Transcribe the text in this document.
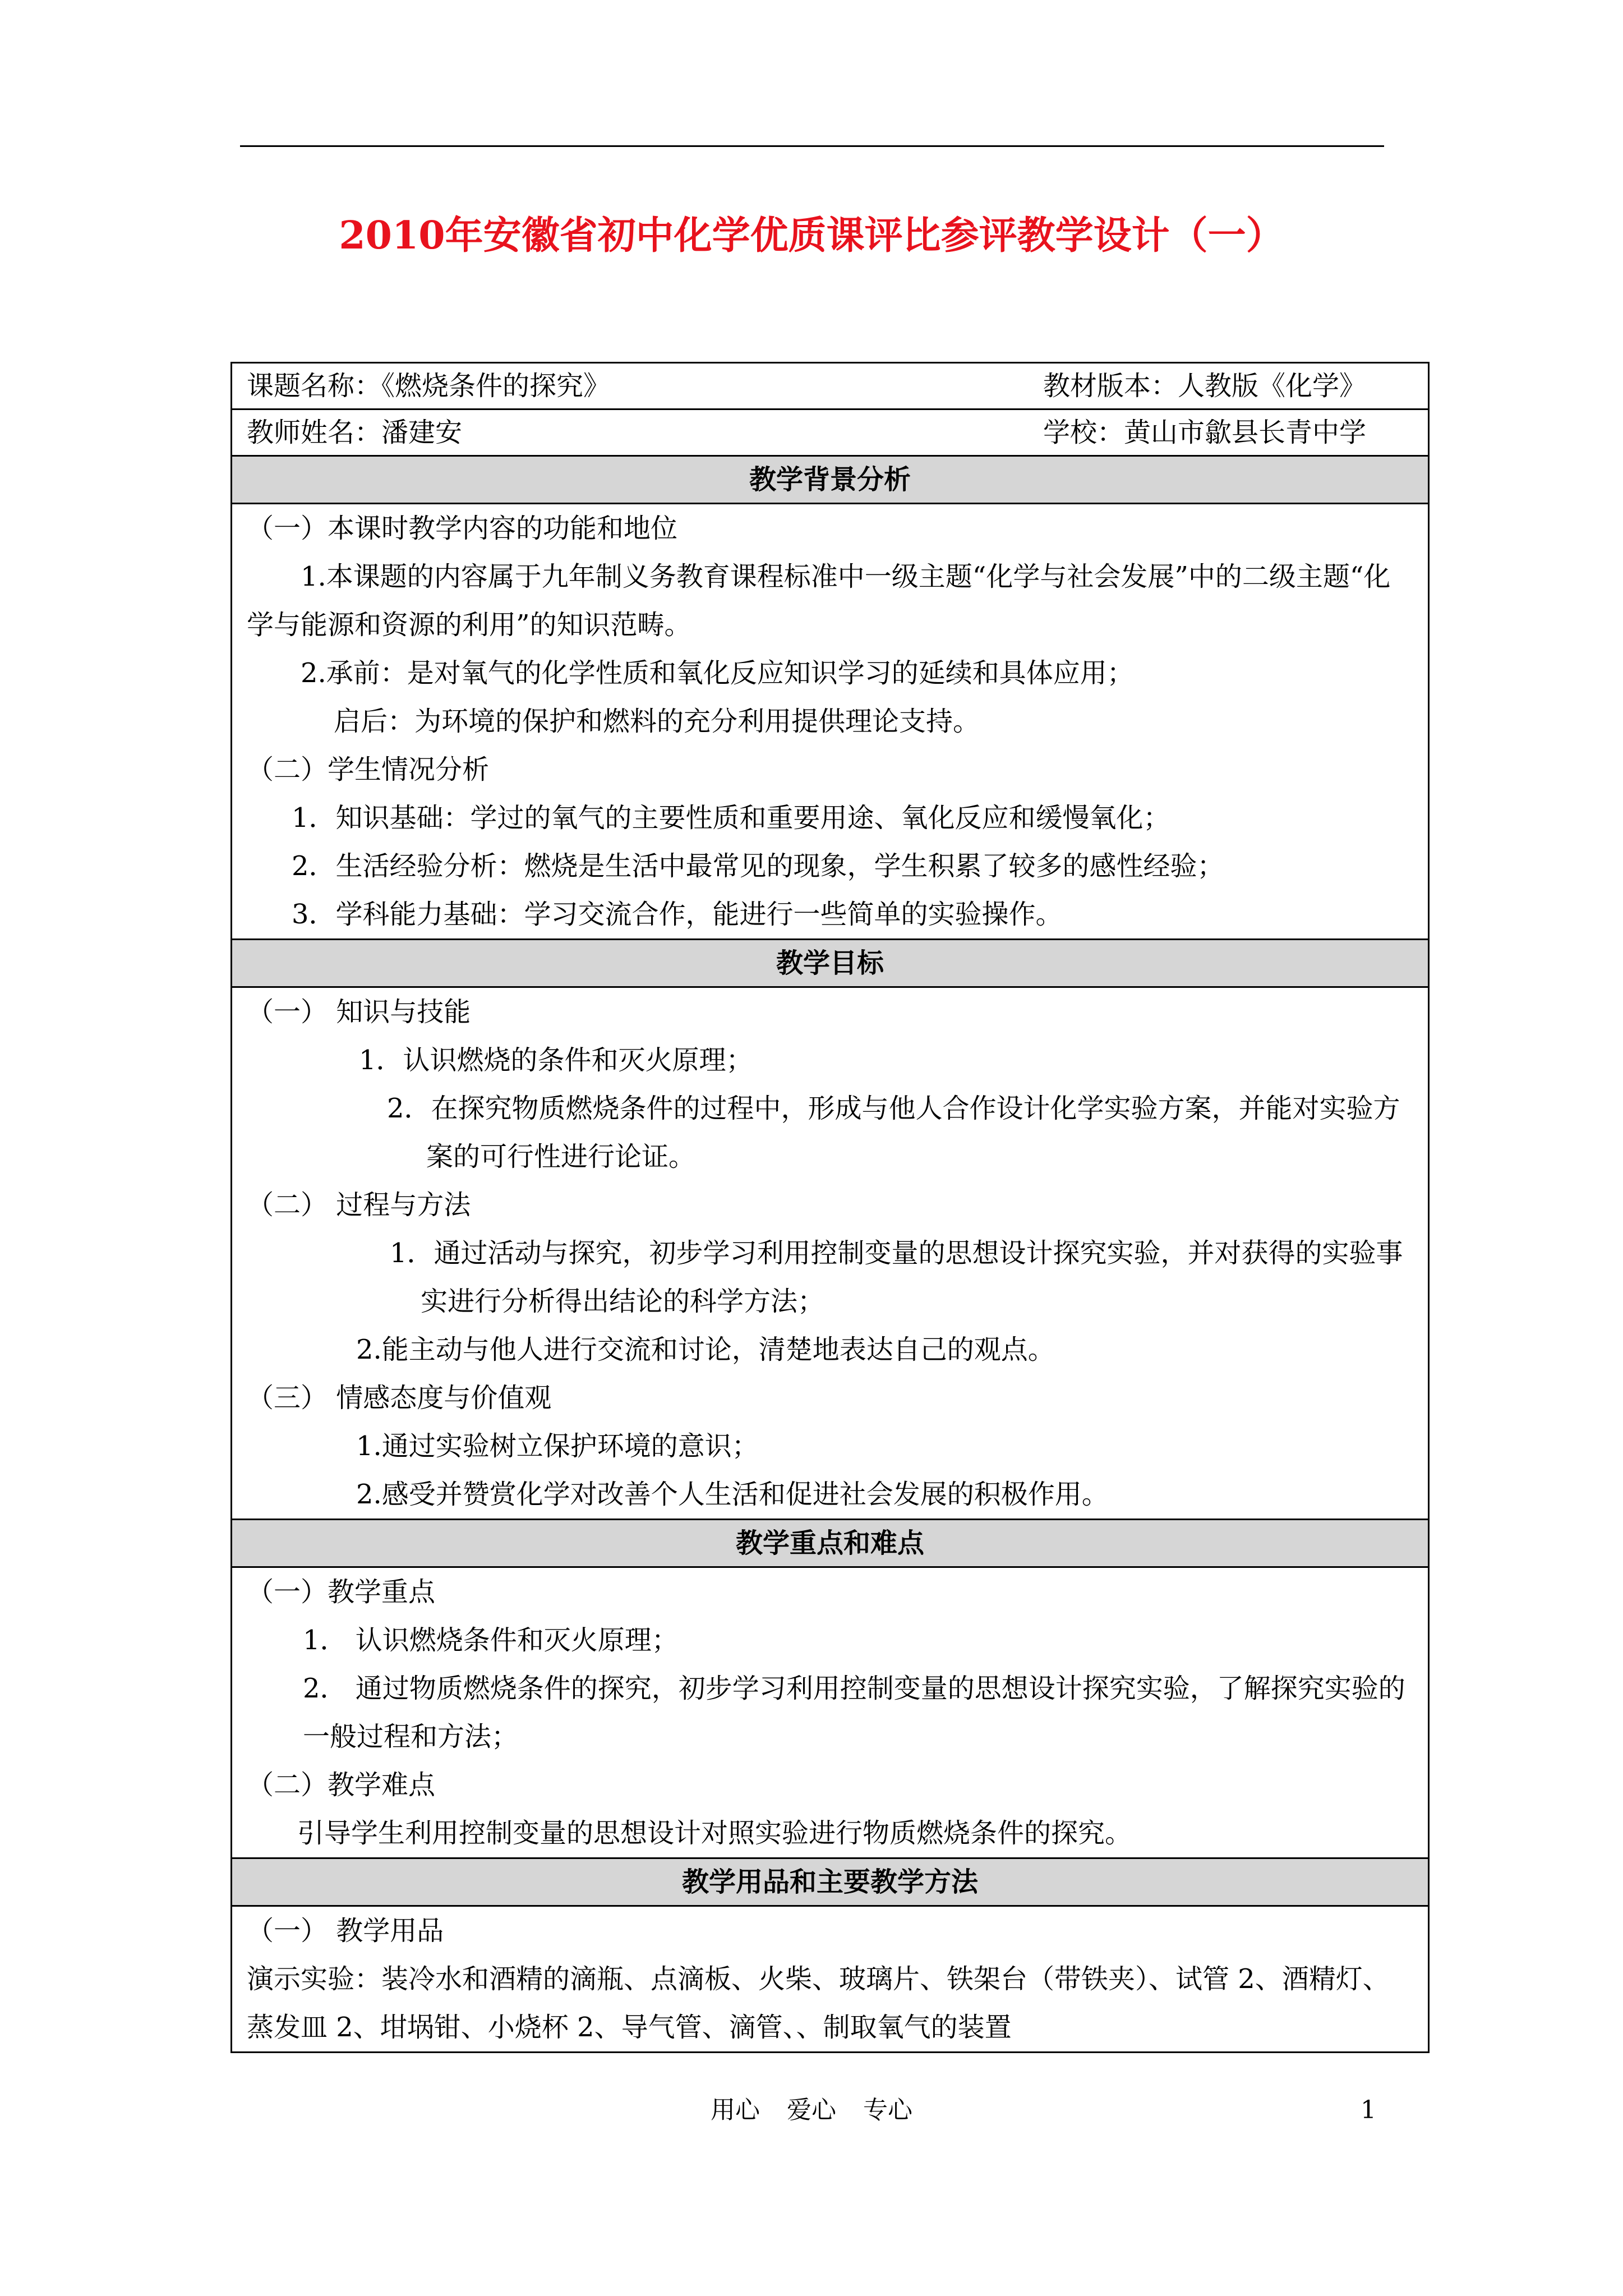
2010年安徽省初中化学优质课评比参评教学设计（一）
课题名称：《燃烧条件的探究》	教材版本：人教版《化学》

教师姓名：潘建安	学校：黄山市歙县长青中学

教学背景分析

（一）本课时教学内容的功能和地位
1.本课题的内容属于九年制义务教育课程标准中一级主题“化学与社会发展”中的二级主题“化学与能源和资源的利用”的知识范畴。
2.承前：是对氧气的化学性质和氧化反应知识学习的延续和具体应用；
启后：为环境的保护和燃料的充分利用提供理论支持。
（二）学生情况分析
1．知识基础：学过的氧气的主要性质和重要用途、氧化反应和缓慢氧化；
2．生活经验分析：燃烧是生活中最常见的现象，学生积累了较多的感性经验；
3．学科能力基础：学习交流合作，能进行一些简单的实验操作。

教学目标

（一） 知识与技能
1．认识燃烧的条件和灭火原理；
2．在探究物质燃烧条件的过程中，形成与他人合作设计化学实验方案，并能对实验方案的可行性进行论证。
（二） 过程与方法
1．通过活动与探究，初步学习利用控制变量的思想设计探究实验，并对获得的实验事实进行分析得出结论的科学方法；
2.能主动与他人进行交流和讨论，清楚地表达自己的观点。
（三） 情感态度与价值观
1.通过实验树立保护环境的意识；
2.感受并赞赏化学对改善个人生活和促进社会发展的积极作用。

教学重点和难点

（一）教学重点
1． 认识燃烧条件和灭火原理；
2． 通过物质燃烧条件的探究，初步学习利用控制变量的思想设计探究实验，了解探究实验的一般过程和方法；
（二）教学难点
引导学生利用控制变量的思想设计对照实验进行物质燃烧条件的探究。

教学用品和主要教学方法

（一） 教学用品
演示实验：装冷水和酒精的滴瓶、点滴板、火柴、玻璃片、铁架台（带铁夹）、试管 2、酒精灯、蒸发皿 2、坩埚钳、小烧杯 2、导气管、滴管、、制取氧气的装置
用心 爱心 专心	1
